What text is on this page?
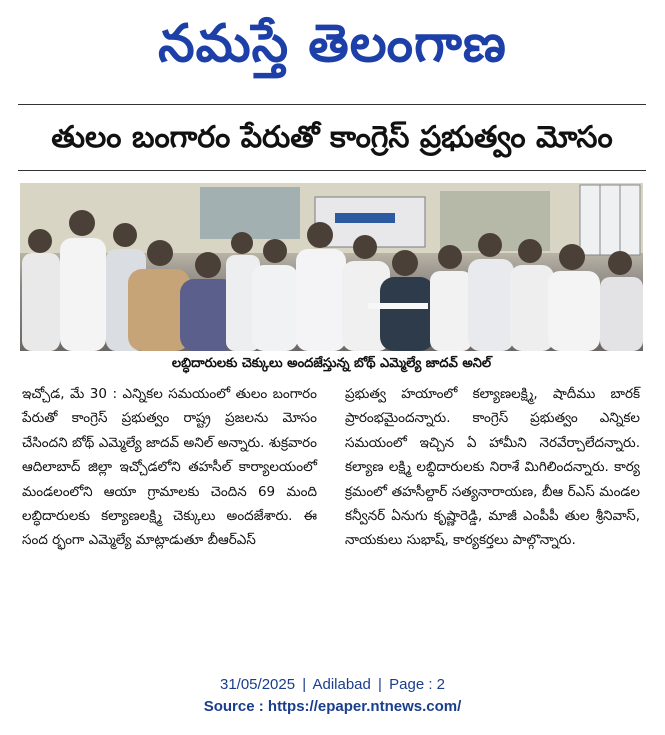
నమస్తే తెలంగాణ
తులం బంగారం పేరుతో కాంగ్రెస్ ప్రభుత్వం మోసం
లబ్ధిదారులకు చెక్కులు అందజేస్తున్న బోథ్ ఎమ్మెల్యే జాదవ్ అనిల్

ఇచ్చోడ, మే 30 : ఎన్నికల సమయంలో తులం బంగారం పేరుతో కాంగ్రెస్ ప్రభుత్వం రాష్ట్ర ప్రజలను మోసం చేసిందని బోథ్ ఎమ్మెల్యే జాదవ్ అనిల్ అన్నారు. శుక్రవారం ఆదిలాబాద్ జిల్లా ఇచ్చోడలోని తహసీల్ కార్యాలయంలో మండలంలోని ఆయా గ్రామాలకు చెందిన 69 మంది లబ్ధిదారులకు కల్యాణలక్ష్మి చెక్కులు అందజేశారు. ఈ సంద ర్భంగా ఎమ్మెల్యే మాట్లాడుతూ బీఆర్ఎస్

ప్రభుత్వ హయాంలో కల్యాణలక్ష్మి, షాదీము బారక్ ప్రారంభమైందన్నారు. కాంగ్రెస్ ప్రభుత్వం ఎన్నికల సమయంలో ఇచ్చిన ఏ హామీని నెరవేర్చాలేదన్నారు. కల్యాణ లక్ష్మి లబ్ధిదారులకు నిరాశే మిగిలిందన్నారు. కార్య క్రమంలో తహసీల్దార్ సత్యనారాయణ, బీఆ ర్ఎస్ మండల కన్వీనర్ ఏనుగు కృష్ణారెడ్డి, మాజీ ఎంపీపీ తుల శ్రీనివాస్, నాయకులు సుభాష్, కార్యకర్తలు పాల్గొన్నారు.

31/05/2025 | Adilabad | Page : 2
Source : https://epaper.ntnews.com/
